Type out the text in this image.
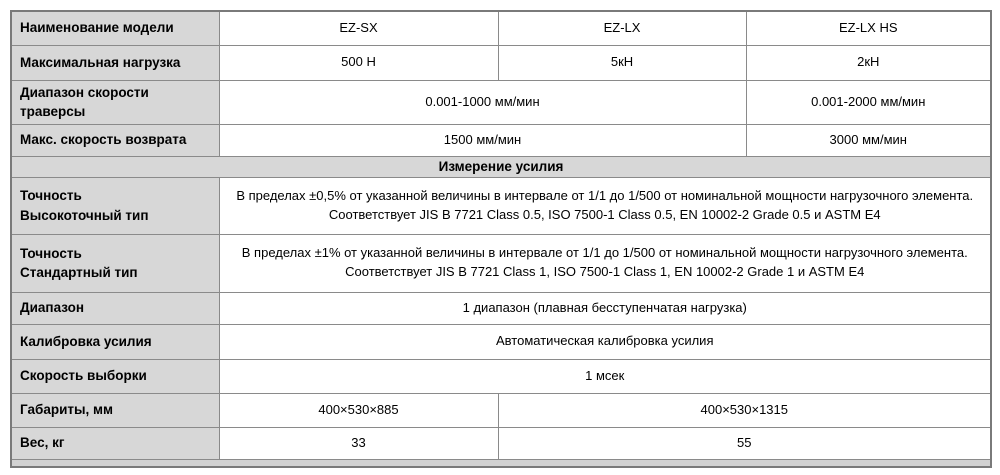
Наименование модели	EZ-SX	EZ-LX	EZ-LX HS
Максимальная нагрузка	500 Н	5кН	2кН
Диапазон скорости траверсы	0.001-1000 мм/мин		0.001-2000 мм/мин
Макс. скорость возврата	1500 мм/мин		3000 мм/мин
Измерение усилия			

Точность
Высокоточный тип	В пределах ±0,5% от указанной величины в интервале от 1/1 до 1/500 от номинальной мощности нагрузочного элемента. Соответствует JIS B 7721 Class 0.5, ISO 7500-1 Class 0.5, EN 10002-2 Grade 0.5 и ASTM E4		

Точность
Стандартный тип	В пределах ±1% от указанной величины в интервале от 1/1 до 1/500 от номинальной мощности нагрузочного элемента. Соответствует JIS B 7721 Class 1, ISO 7500-1 Class 1, EN 10002-2 Grade 1 и ASTM E4		
Диапазон	1 диапазон (плавная бесступенчатая нагрузка)		
Калибровка усилия	Автоматическая калибровка усилия		
Скорость выборки	1 мсек		
Габариты, мм	400×530×885	400×530×1315	
Вес, кг	33	55	
